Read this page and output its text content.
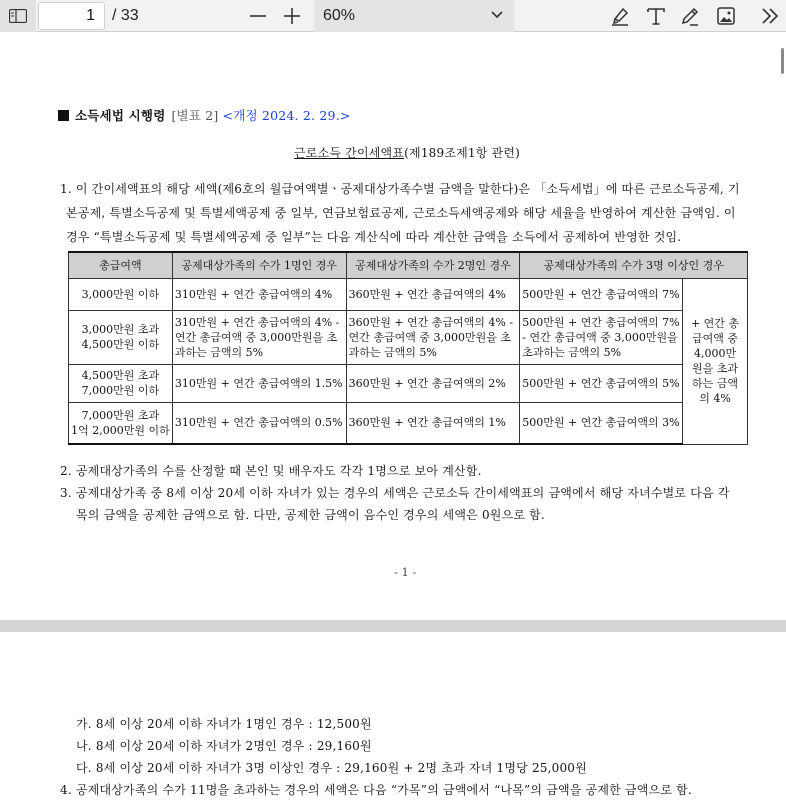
1	/ 33	60%
소득세법 시행령 [별표 2] <개정 2024. 2. 29.>
근로소득 간이세액표(제189조제1항 관련)
1. 이 간이세액표의 해당 세액(제6호의 월급여액별ㆍ공제대상가족수별 금액을 말한다)은 「소득세법」에 따른 근로소득공제, 기
본공제, 특별소득공제 및 특별세액공제 중 일부, 연금보험료공제, 근로소득세액공제와 해당 세율을 반영하여 계산한 금액임. 이
경우 “특별소득공제 및 특별세액공제 중 일부”는 다음 계산식에 따라 계산한 금액을 소득에서 공제하여 반영한 것임.
총급여액	공제대상가족의 수가 1명인 경우	공제대상가족의 수가 2명인 경우	공제대상가족의 수가 3명 이상인 경우	
3,000만원 이하	310만원 + 연간 총급여액의 4%	360만원 + 연간 총급여액의 4%	500만원 + 연간 총급여액의 7%	+ 연간 총급여액 중 4,000만원을 초과하는 금액의 4%
3,000만원 초과
4,500만원 이하	310만원 + 연간 총급여액의 4% - 연간 총급여액 중 3,000만원을 초과하는 금액의 5%	360만원 + 연간 총급여액의 4% - 연간 총급여액 중 3,000만원을 초과하는 금액의 5%	500만원 + 연간 총급여액의 7% - 연간 총급여액 중 3,000만원을 초과하는 금액의 5%	
4,500만원 초과
7,000만원 이하	310만원 + 연간 총급여액의 1.5%	360만원 + 연간 총급여액의 2%	500만원 + 연간 총급여액의 5%	
7,000만원 초과
1억 2,000만원 이하	310만원 + 연간 총급여액의 0.5%	360만원 + 연간 총급여액의 1%	500만원 + 연간 총급여액의 3%	
2. 공제대상가족의 수를 산정할 때 본인 및 배우자도 각각 1명으로 보아 계산함.
3. 공제대상가족 중 8세 이상 20세 이하 자녀가 있는 경우의 세액은 근로소득 간이세액표의 금액에서 해당 자녀수별로 다음 각
목의 금액을 공제한 금액으로 함. 다만, 공제한 금액이 음수인 경우의 세액은 0원으로 함.
- 1 -
가. 8세 이상 20세 이하 자녀가 1명인 경우 : 12,500원
나. 8세 이상 20세 이하 자녀가 2명인 경우 : 29,160원
다. 8세 이상 20세 이하 자녀가 3명 이상인 경우 : 29,160원 + 2명 초과 자녀 1명당 25,000원
4. 공제대상가족의 수가 11명을 초과하는 경우의 세액은 다음 “가목”의 금액에서 “나목”의 금액을 공제한 금액으로 함.
